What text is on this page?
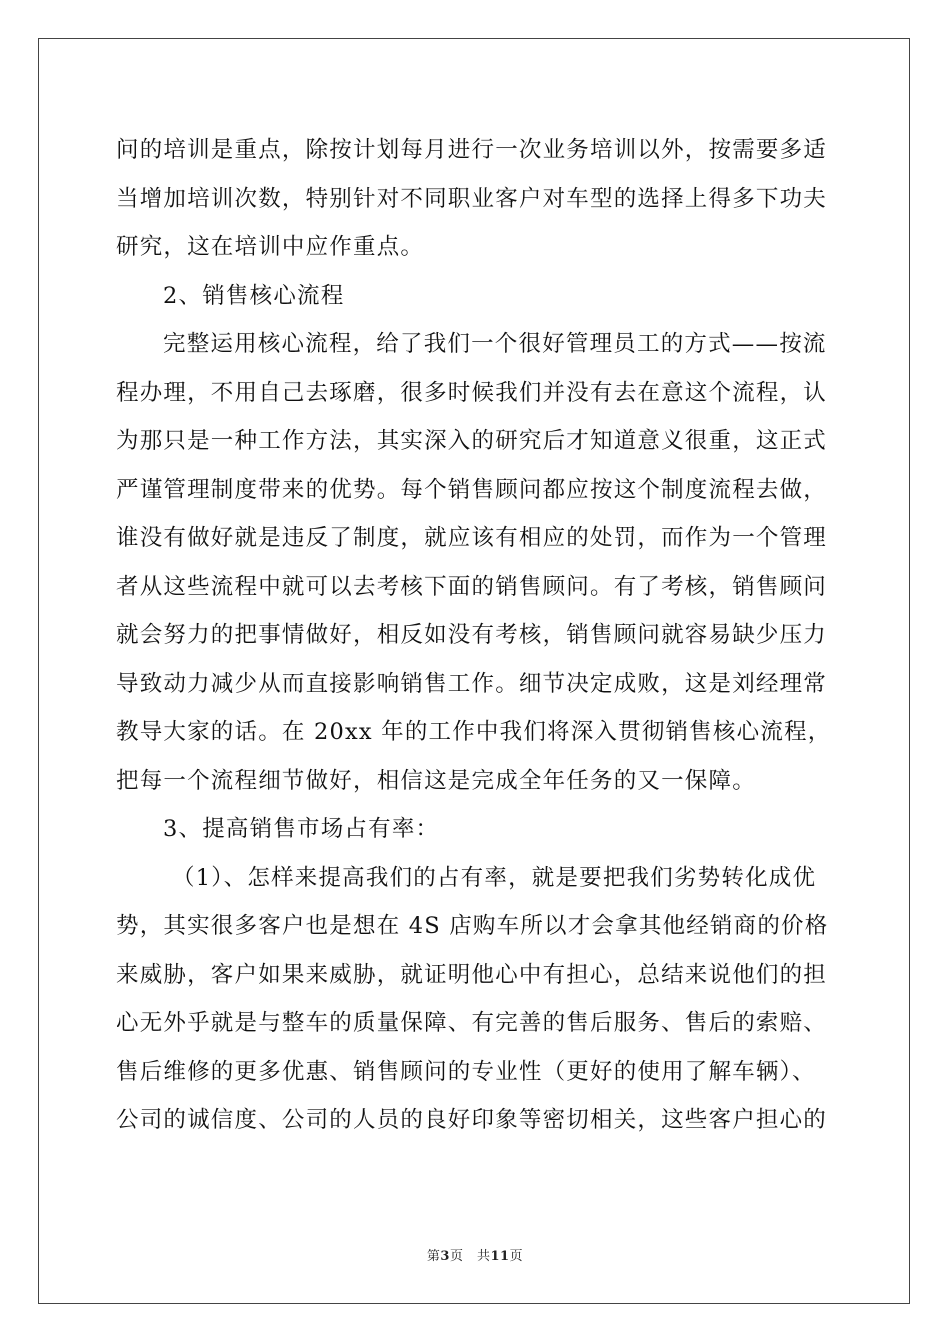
问的培训是重点，除按计划每月进行一次业务培训以外，按需要多适
当增加培训次数，特别针对不同职业客户对车型的选择上得多下功夫
研究，这在培训中应作重点。
2、销售核心流程
完整运用核心流程，给了我们一个很好管理员工的方式——按流
程办理，不用自己去琢磨，很多时候我们并没有去在意这个流程，认
为那只是一种工作方法，其实深入的研究后才知道意义很重，这正式
严谨管理制度带来的优势。每个销售顾问都应按这个制度流程去做，
谁没有做好就是违反了制度，就应该有相应的处罚，而作为一个管理
者从这些流程中就可以去考核下面的销售顾问。有了考核，销售顾问
就会努力的把事情做好，相反如没有考核，销售顾问就容易缺少压力
导致动力减少从而直接影响销售工作。细节决定成败，这是刘经理常
教导大家的话。在 20xx 年的工作中我们将深入贯彻销售核心流程，
把每一个流程细节做好，相信这是完成全年任务的又一保障。
3、提高销售市场占有率：
（1）、怎样来提高我们的占有率，就是要把我们劣势转化成优
势，其实很多客户也是想在 4S 店购车所以才会拿其他经销商的价格
来威胁，客户如果来威胁，就证明他心中有担心，总结来说他们的担
心无外乎就是与整车的质量保障、有完善的售后服务、售后的索赔、
售后维修的更多优惠、销售顾问的专业性（更好的使用了解车辆）、
公司的诚信度、公司的人员的良好印象等密切相关，这些客户担心的
第3页　共11页
